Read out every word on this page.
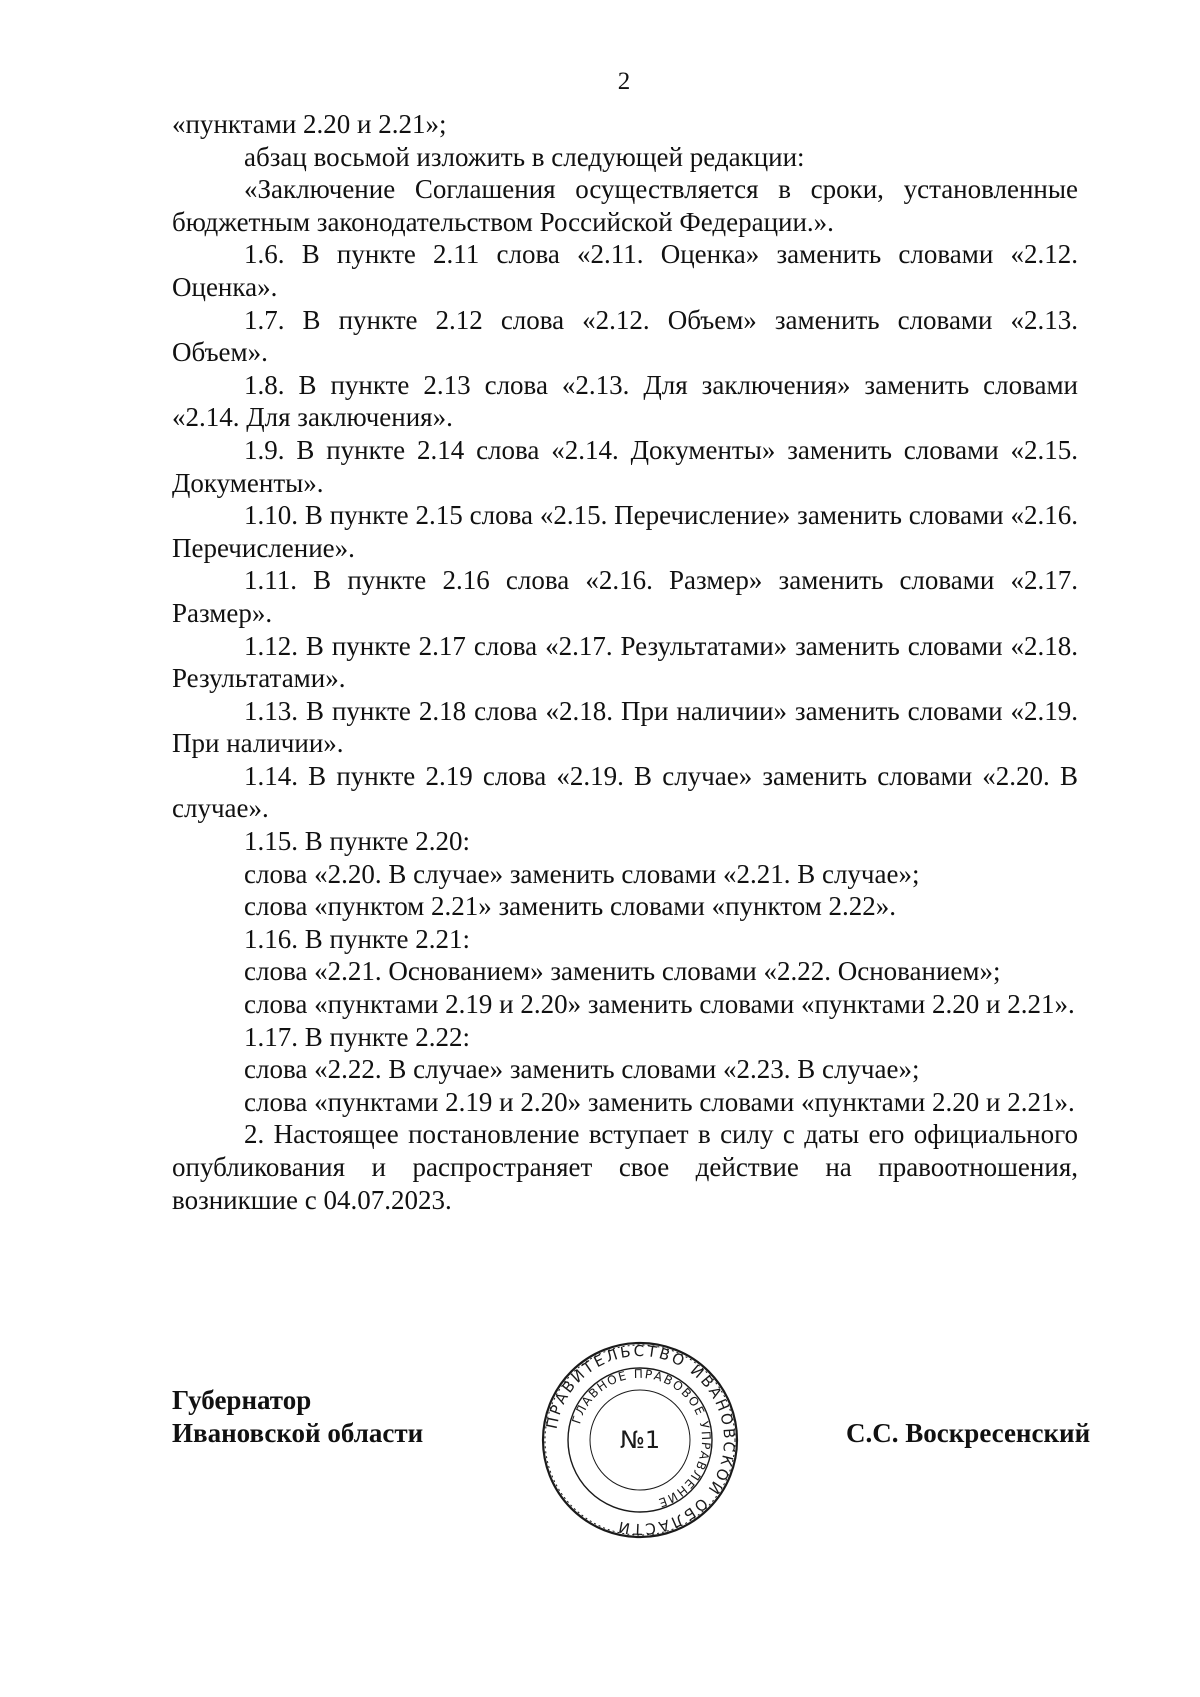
2

«пунктами 2.20 и 2.21»;

абзац восьмой изложить в следующей редакции:

«Заключение Соглашения осуществляется в сроки, установленные бюджетным законодательством Российской Федерации.».

1.6. В пункте 2.11 слова «2.11. Оценка» заменить словами «2.12. Оценка».

1.7. В пункте 2.12 слова «2.12. Объем» заменить словами «2.13. Объем».

1.8. В пункте 2.13 слова «2.13. Для заключения» заменить словами «2.14. Для заключения».

1.9. В пункте 2.14 слова «2.14. Документы» заменить словами «2.15. Документы».

1.10. В пункте 2.15 слова «2.15. Перечисление» заменить словами «2.16. Перечисление».

1.11. В пункте 2.16 слова «2.16. Размер» заменить словами «2.17. Размер».

1.12. В пункте 2.17 слова «2.17. Результатами» заменить словами «2.18. Результатами».

1.13. В пункте 2.18 слова «2.18. При наличии» заменить словами «2.19. При наличии».

1.14. В пункте 2.19 слова «2.19. В случае» заменить словами «2.20. В случае».

1.15. В пункте 2.20:

слова «2.20. В случае» заменить словами «2.21. В случае»;

слова «пунктом 2.21» заменить словами «пунктом 2.22».

1.16. В пункте 2.21:

слова «2.21. Основанием» заменить словами «2.22. Основанием»;

слова «пунктами 2.19 и 2.20» заменить словами «пунктами 2.20 и 2.21».

1.17. В пункте 2.22:

слова «2.22. В случае» заменить словами «2.23. В случае»;

слова «пунктами 2.19 и 2.20» заменить словами «пунктами 2.20 и 2.21».

2. Настоящее постановление вступает в силу с даты его официального опубликования и распространяет свое действие на правоотношения, возникшие с 04.07.2023.

Губернатор
Ивановской области	ПРАВИТЕЛЬСТВО ИВАНОВСКОЙ ОБЛАСТИ
ГЛАВНОЕ ПРАВОВОЕ УПРАВЛЕНИЕ
№1	С.С. Воскресенский
